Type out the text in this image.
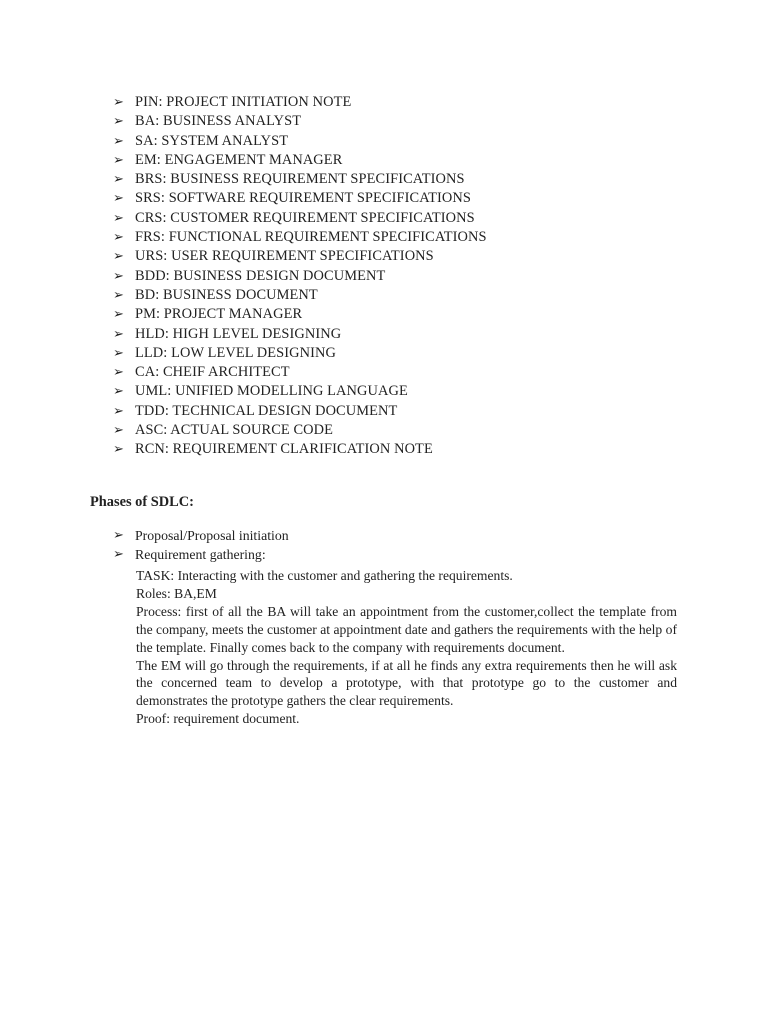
➢ PIN: PROJECT INITIATION NOTE
➢ BA: BUSINESS ANALYST
➢ SA: SYSTEM ANALYST
➢ EM: ENGAGEMENT MANAGER
➢ BRS: BUSINESS REQUIREMENT SPECIFICATIONS
➢ SRS: SOFTWARE REQUIREMENT SPECIFICATIONS
➢ CRS: CUSTOMER REQUIREMENT SPECIFICATIONS
➢ FRS: FUNCTIONAL REQUIREMENT SPECIFICATIONS
➢ URS: USER REQUIREMENT SPECIFICATIONS
➢ BDD: BUSINESS DESIGN DOCUMENT
➢ BD: BUSINESS DOCUMENT
➢ PM: PROJECT MANAGER
➢ HLD: HIGH LEVEL DESIGNING
➢ LLD: LOW LEVEL DESIGNING
➢ CA: CHEIF ARCHITECT
➢ UML: UNIFIED MODELLING LANGUAGE
➢ TDD: TECHNICAL DESIGN DOCUMENT
➢ ASC: ACTUAL SOURCE CODE
➢ RCN: REQUIREMENT CLARIFICATION NOTE
Phases of SDLC:
➢ Proposal/Proposal initiation
➢ Requirement gathering:

TASK: Interacting with the customer and gathering the requirements.

Roles: BA,EM

Process: first of all the BA will take an appointment from the customer,collect the template from the company, meets the customer at appointment date and gathers the requirements with the help of the template. Finally comes back to the company with requirements document.

The EM will go through the requirements, if at all he finds any extra requirements then he will ask the concerned team to develop a prototype, with that prototype go to the customer and demonstrates the prototype gathers the clear requirements.

Proof: requirement document.
